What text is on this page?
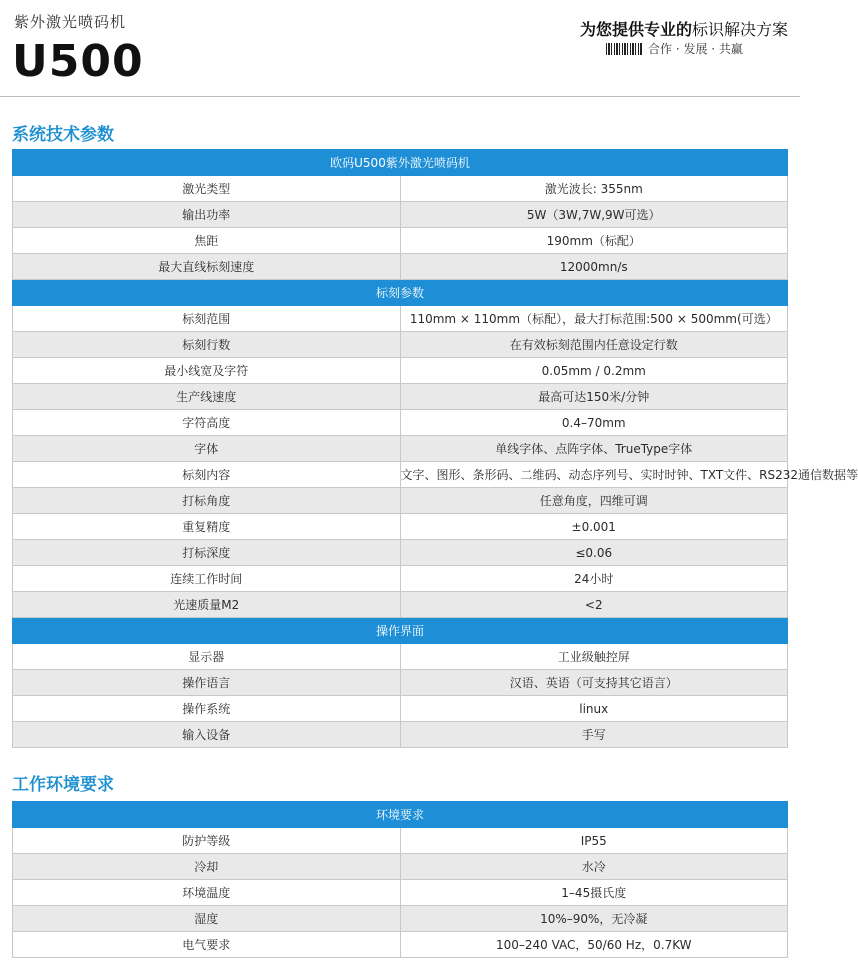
紫外激光喷码机
U500
为您提供专业的标识解决方案
合作 · 发展 · 共赢
系统技术参数
欧码U500紫外激光喷码机	
激光类型	激光波长: 355nm
输出功率	5W（3W,7W,9W可选）
焦距	190mm（标配）
最大直线标刻速度	12000mn/s
标刻参数	
标刻范围	110mm × 110mm（标配），最大打标范围:500 × 500mm(可选）
标刻行数	在有效标刻范围内任意设定行数
最小线宽及字符	0.05mm / 0.2mm
生产线速度	最高可达150米/分钟
字符高度	0.4–70mm
字体	单线字体、点阵字体、TrueType字体
标刻内容	文字、图形、条形码、二维码、动态序列号、实时时钟、TXT文件、RS232通信数据等
打标角度	任意角度，四维可调
重复精度	±0.001
打标深度	≤0.06
连续工作时间	24小时
光速质量M2	<2
操作界面	
显示器	工业级触控屏
操作语言	汉语、英语（可支持其它语言）
操作系统	linux
输入设备	手写
工作环境要求
环境要求	
防护等级	IP55
冷却	水冷
环境温度	1–45摄氏度
湿度	10%–90%，无冷凝
电气要求	100–240 VAC，50/60 Hz，0.7KW
